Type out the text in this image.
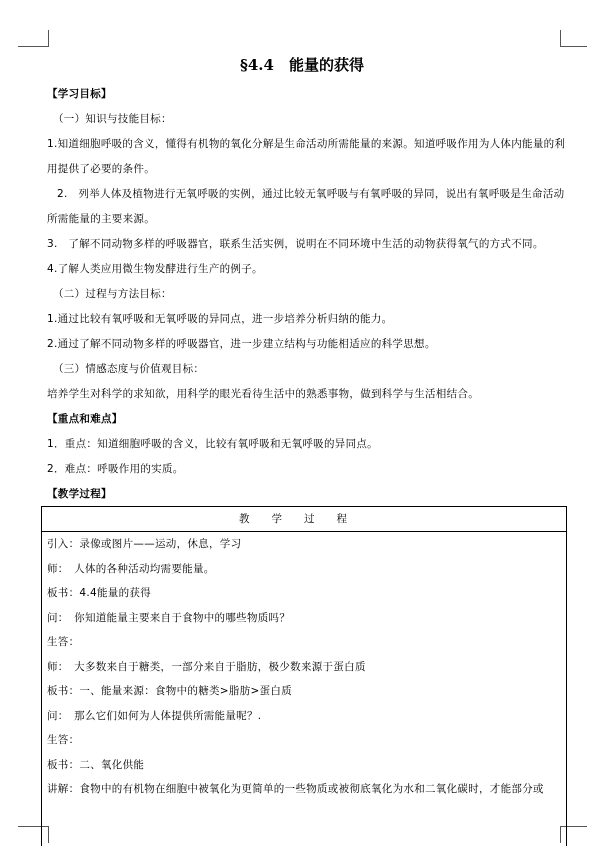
§4.4　能量的获得

【学习目标】

（一）知识与技能目标：

1.知道细胞呼吸的含义，懂得有机物的氧化分解是生命活动所需能量的来源。知道呼吸作用为人体内能量的利用提供了必要的条件。

2.　列举人体及植物进行无氧呼吸的实例，通过比较无氧呼吸与有氧呼吸的异同，说出有氧呼吸是生命活动所需能量的主要来源。

3.　了解不同动物多样的呼吸器官，联系生活实例，说明在不同环境中生活的动物获得氧气的方式不同。

4.了解人类应用微生物发酵进行生产的例子。

（二）过程与方法目标：

1.通过比较有氧呼吸和无氧呼吸的异同点，进一步培养分析归纳的能力。

2.通过了解不同动物多样的呼吸器官，进一步建立结构与功能相适应的科学思想。

（三）情感态度与价值观目标：

培养学生对科学的求知欲，用科学的眼光看待生活中的熟悉事物，做到科学与生活相结合。

【重点和难点】

1．重点：知道细胞呼吸的含义，比较有氧呼吸和无氧呼吸的异同点。

2．难点：呼吸作用的实质。

【教学过程】

教学过程
引入：录像或图片——运动，休息，学习
师：　人体的各种活动均需要能量。
板书：4.4能量的获得
问：　你知道能量主要来自于食物中的哪些物质吗？
生答：
师：　大多数来自于糖类，一部分来自于脂肪，极少数来源于蛋白质
板书：一、能量来源：食物中的糖类>脂肪>蛋白质
问：　那么它们如何为人体提供所需能量呢？.
生答：
板书：二、氧化供能
讲解：食物中的有机物在细胞中被氧化为更简单的一些物质或被彻底氧化为水和二氧化碳时，才能部分或
